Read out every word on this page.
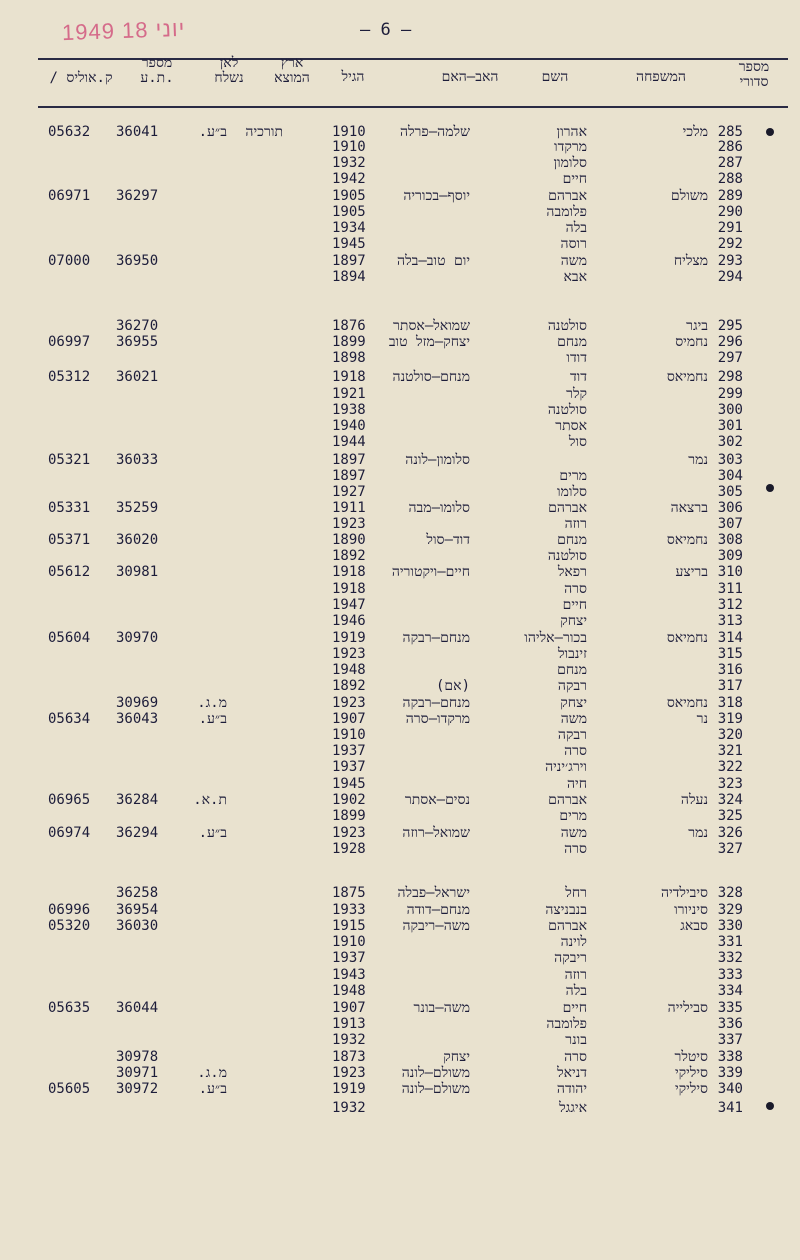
1949 יוני 18	– 6 –
מספר
סדורי
המשפחה
השם
האב–האם
הגיל
ארץ
המוצא
לאן
נשלח
מספר
ת.ע.
/ ק.אוליס
285
מלכי
אהרון
שלמה–פרלה
1910
תורכיה
ב״ע.
36041
05632
286
מרקדו
1910
287
סלומון
1932
288
חיים
1942
289
משולם
אברהם
יוסף–בכוריה
1905
36297
06971
290
פלומבה
1905
291
בלה
1934
292
רוסה
1945
293
מצליח
משה
יום טוב–בלה
1897
36950
07000
294
אבא
1894
295
ביגר
סולטנה
שמואל–אסתר
1876
36270
296
נחמיס
מנחם
יצחק–מזל טוב
1899
36955
06997
297
דודו
1898
298
נחמיאס
דוד
מנחם–סולטנה
1918
36021
05312
299
קלר
1921
300
סולטנה
1938
301
אסתר
1940
302
סול
1944
303
נמר
סלומון–לונה
1897
36033
05321
304
מרים
1897
305
סלומו
1927
306
ברצאה
אברהם
סלומו–מבה
1911
35259
05331
307
רוזה
1923
308
נחמיאס
מנחם
דוד–סול
1890
36020
05371
309
סולטנה
1892
310
בריצע
רפאל
חיים–ויקטוריה
1918
30981
05612
311
סרה
1918
312
חיים
1947
313
יצחק
1946
314
נחמיאס
בכור–אליהו
מנחם–רבקה
1919
30970
05604
315
זינבול
1923
316
מנחם
1948
317
רבקה
(אם)
1892
318
נחמיאס
יצחק
מנחם–רבקה
1923
מ.ג.
30969
319
נר
משה
מרקדו–סרה
1907
ב״ע.
36043
05634
320
רבקה
1910
321
סרה
1937
322
וירג׳יניה
1937
323
חיה
1945
324
נעלה
אברהם
נסים–אסתר
1902
ת.א.
36284
06965
325
מרים
1899
326
נמר
משה
שמואל–רוזה
1923
ב״ע.
36294
06974
327
סרה
1928
328
סיבילדיה
רחל
ישראל–פבלה
1875
36258
329
סיניורו
בנבניצה
מנחם–דודה
1933
36954
06996
330
סבאג
אברהם
משה–ריבקה
1915
36030
05320
331
לוינה
1910
332
ריבקה
1937
333
רוזה
1943
334
בלה
1948
335
סבילייה
חיים
משה–בונר
1907
36044
05635
336
פלומבה
1913
337
בונר
1932
338
סיטלר
סרה
יצחק
1873
30978
339
סיליקי
דניאל
משולם–לונה
1923
מ.ג.
30971
340
סיליקי
יהודה
משולם–לונה
1919
ב״ע.
30972
05605
341
איגגל
1932
